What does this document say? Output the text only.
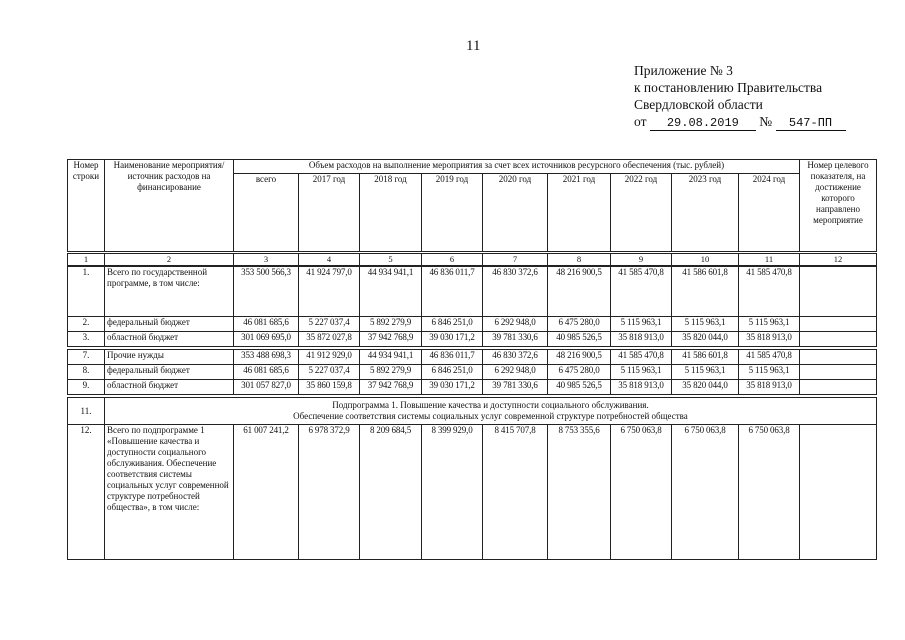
11
Приложение № 3
к постановлению Правительства
Свердловской области
от 29.08.2019 № 547-ПП
Номер строки	Наименование мероприятия/ источник расходов на финансирование	Объем расходов на выполнение мероприятия за счет всех источников ресурсного обеспечения (тыс. рублей)									Номер целевого показателя, на достижение которого направлено мероприятие
		всего	2017 год	2018 год	2019 год	2020 год	2021 год	2022 год	2023 год	2024 год	
1	2	3	4	5	6	7	8	9	10	11	12
1.	Всего по государственной программе, в том числе:	353 500 566,3	41 924 797,0	44 934 941,1	46 836 011,7	46 830 372,6	48 216 900,5	41 585 470,8	41 586 601,8	41 585 470,8	
2.	федеральный бюджет	46 081 685,6	5 227 037,4	5 892 279,9	6 846 251,0	6 292 948,0	6 475 280,0	5 115 963,1	5 115 963,1	5 115 963,1	
3.	областной бюджет	301 069 695,0	35 872 027,8	37 942 768,9	39 030 171,2	39 781 330,6	40 985 526,5	35 818 913,0	35 820 044,0	35 818 913,0	
7.	Прочие нужды	353 488 698,3	41 912 929,0	44 934 941,1	46 836 011,7	46 830 372,6	48 216 900,5	41 585 470,8	41 586 601,8	41 585 470,8	
8.	федеральный бюджет	46 081 685,6	5 227 037,4	5 892 279,9	6 846 251,0	6 292 948,0	6 475 280,0	5 115 963,1	5 115 963,1	5 115 963,1	
9.	областной бюджет	301 057 827,0	35 860 159,8	37 942 768,9	39 030 171,2	39 781 330,6	40 985 526,5	35 818 913,0	35 820 044,0	35 818 913,0	
11.	Подпрограмма 1. Повышение качества и доступности социального обслуживания.
Обеспечение соответствия системы социальных услуг современной структуре потребностей общества										

12.	Всего по подпрограмме 1 «Повышение качества и доступности социального обслуживания. Обеспечение соответствия системы социальных услуг современной структуре потребностей общества», в том числе:	61 007 241,2	6 978 372,9	8 209 684,5	8 399 929,0	8 415 707,8	8 753 355,6	6 750 063,8	6 750 063,8	6 750 063,8	
